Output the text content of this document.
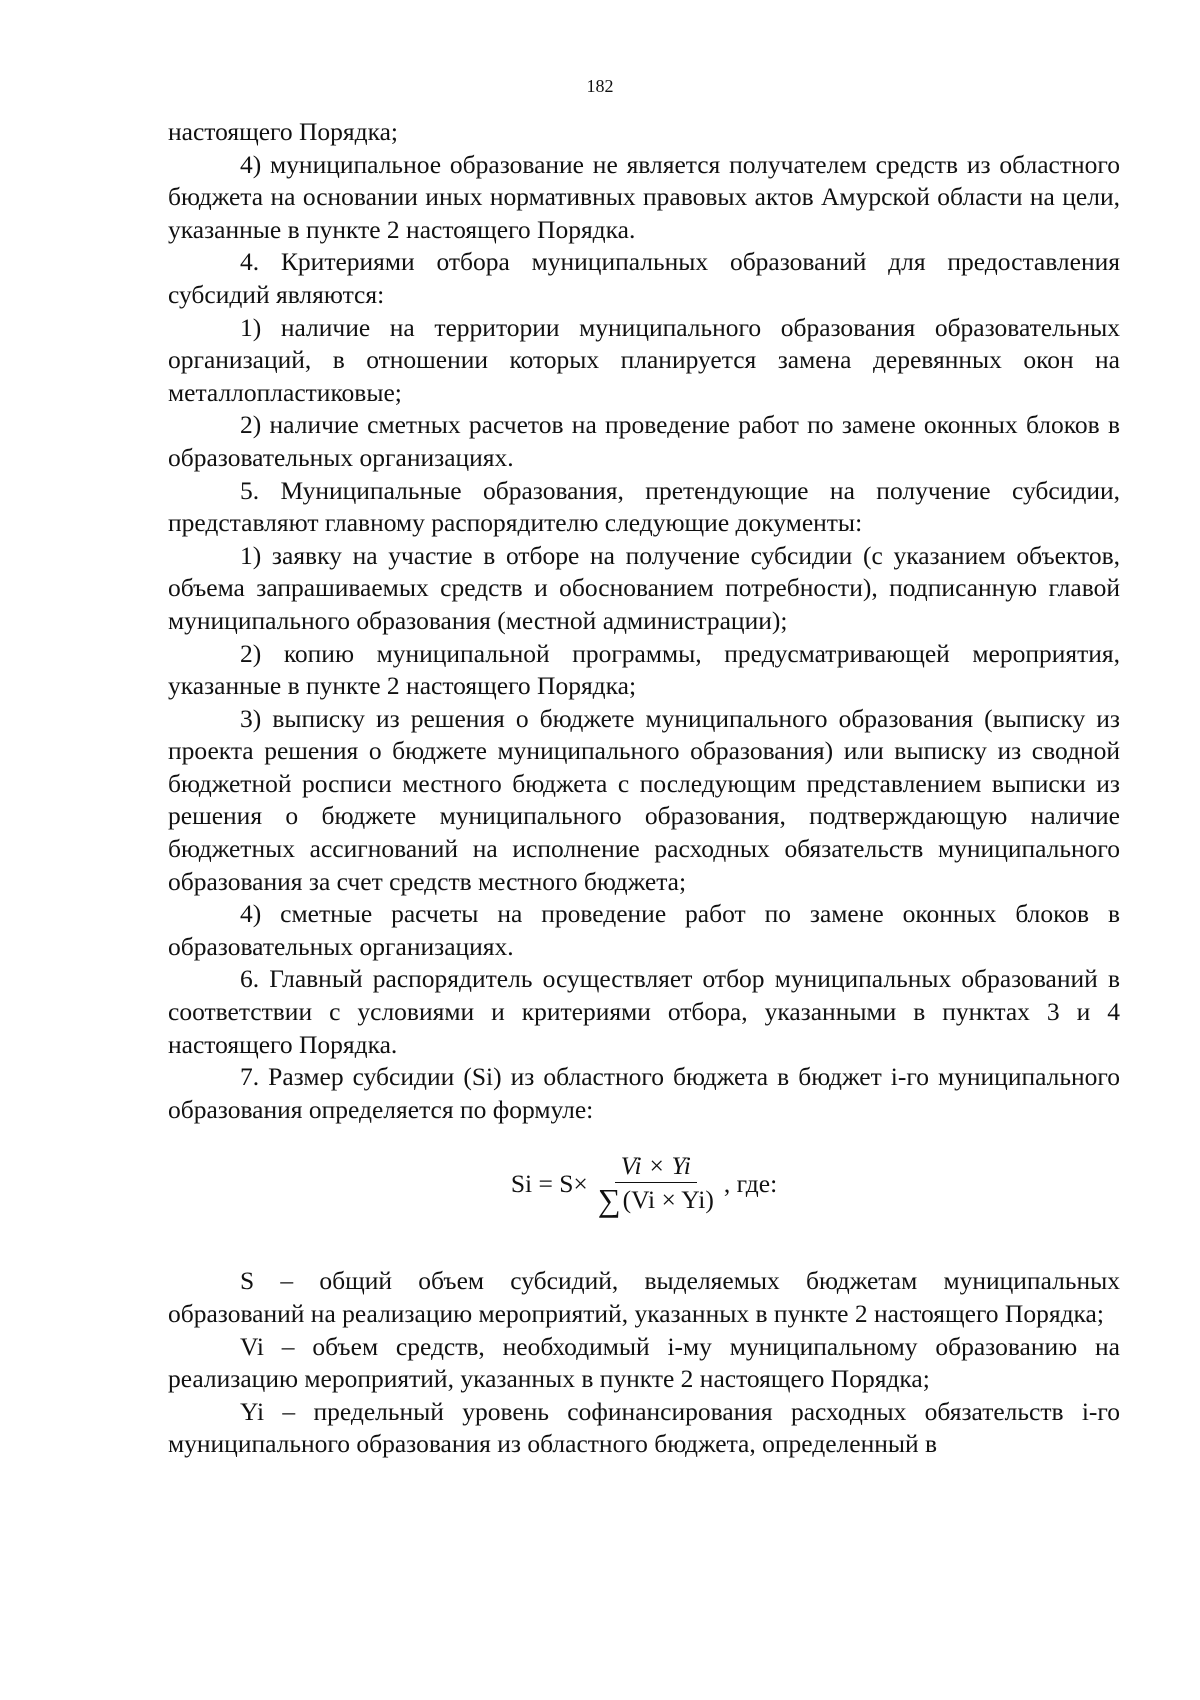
182

настоящего Порядка;

4) муниципальное образование не является получателем средств из областного бюджета на основании иных нормативных правовых актов Амурской области на цели, указанные в пункте 2 настоящего Порядка.

4. Критериями отбора муниципальных образований для предоставления субсидий являются:

1) наличие на территории муниципального образования образовательных организаций, в отношении которых планируется замена деревянных окон на металлопластиковые;

2) наличие сметных расчетов на проведение работ по замене оконных блоков в образовательных организациях.

5. Муниципальные образования, претендующие на получение субсидии, представляют главному распорядителю следующие документы:

1) заявку на участие в отборе на получение субсидии (с указанием объектов, объема запрашиваемых средств и обоснованием потребности), подписанную главой муниципального образования (местной администрации);

2) копию муниципальной программы, предусматривающей мероприятия, указанные в пункте 2 настоящего Порядка;

3) выписку из решения о бюджете муниципального образования (выписку из проекта решения о бюджете муниципального образования) или выписку из сводной бюджетной росписи местного бюджета с последующим представлением выписки из решения о бюджете муниципального образования, подтверждающую наличие бюджетных ассигнований на исполнение расходных обязательств муниципального образования за счет средств местного бюджета;

4) сметные расчеты на проведение работ по замене оконных блоков в образовательных организациях.

6. Главный распорядитель осуществляет отбор муниципальных образований в соответствии с условиями и критериями отбора, указанными в пунктах 3 и 4 настоящего Порядка.

7. Размер субсидии (Si) из областного бюджета в бюджет i-го муниципального образования определяется по формуле:

$Si = S\times \frac{Vi \times Yi}{\sum(Vi \times Yi)}$ , где:

S – общий объем субсидий, выделяемых бюджетам муниципальных образований на реализацию мероприятий, указанных в пункте 2 настоящего Порядка;

Vi – объем средств, необходимый i-му муниципальному образованию на реализацию мероприятий, указанных в пункте 2 настоящего Порядка;

Yi – предельный уровень софинансирования расходных обязательств i-го муниципального образования из областного бюджета, определенный в
